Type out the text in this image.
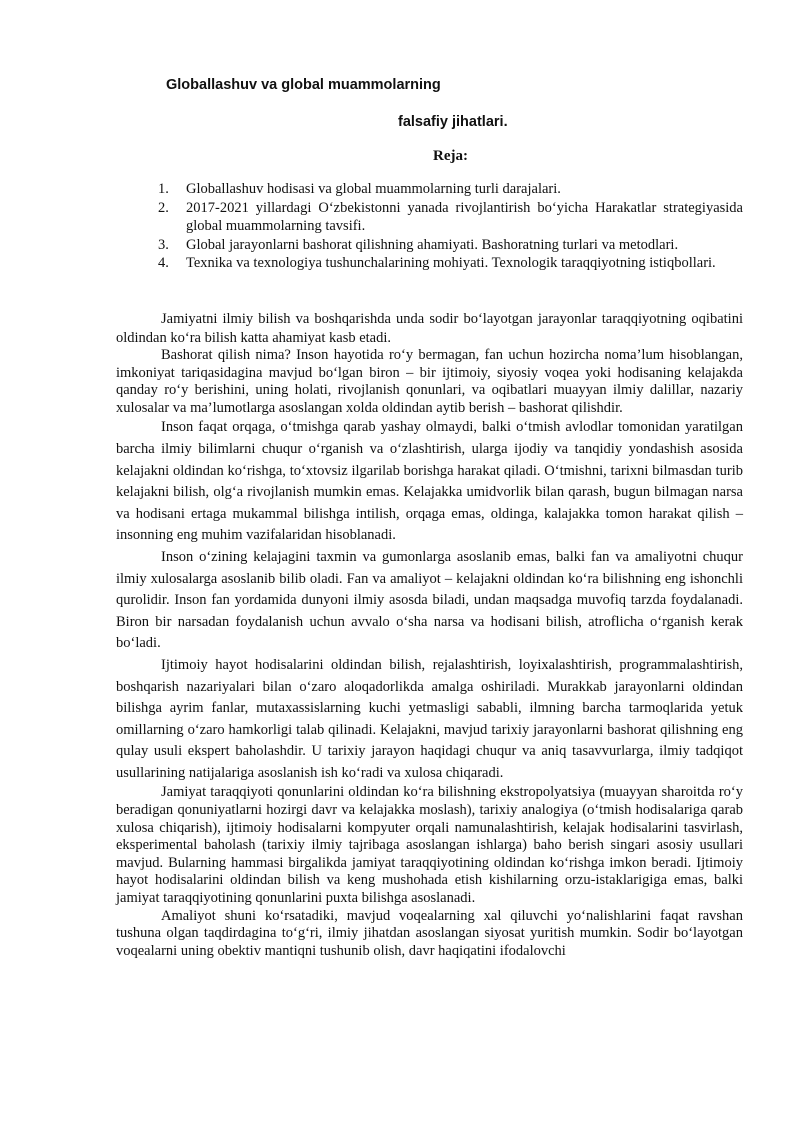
Globallashuv va global muammolarning
falsafiy jihatlari.
Reja:
1. Globallashuv hodisasi va global muammolarning turli darajalari.
2. 2017-2021 yillardagi O‘zbekistonni yanada rivojlantirish bo‘yicha Harakatlar strategiyasida global muammolarning tavsifi.
3. Global jarayonlarni bashorat qilishning ahamiyati. Bashoratning turlari va metodlari.
4. Texnika va texnologiya tushunchalarining mohiyati. Texnologik taraqqiyotning istiqbollari.

Jamiyatni ilmiy bilish va boshqarishda unda sodir bo‘layotgan jarayonlar taraqqiyotning oqibatini oldindan ko‘ra bilish katta ahamiyat kasb etadi.

Bashorat qilish nima? Inson hayotida ro‘y bermagan, fan uchun hozircha noma’lum hisoblangan, imkoniyat tariqasidagina mavjud bo‘lgan biron – bir ijtimoiy, siyosiy voqea yoki hodisaning kelajakda qanday ro‘y berishini, uning holati, rivojlanish qonunlari, va oqibatlari muayyan ilmiy dalillar, nazariy xulosalar va ma’lumotlarga asoslangan xolda oldindan aytib berish – bashorat qilishdir.

Inson faqat orqaga, o‘tmishga qarab yashay olmaydi, balki o‘tmish avlodlar tomonidan yaratilgan barcha ilmiy bilimlarni chuqur o‘rganish va o‘zlashtirish, ularga ijodiy va tanqidiy yondashish asosida kelajakni oldindan ko‘rishga, to‘xtovsiz ilgarilab borishga harakat qiladi. O‘tmishni, tarixni bilmasdan turib kelajakni bilish, olg‘a rivojlanish mumkin emas. Kelajakka umidvorlik bilan qarash, bugun bilmagan narsa va hodisani ertaga mukammal bilishga intilish, orqaga emas, oldinga, kalajakka tomon harakat qilish – insonning eng muhim vazifalaridan hisoblanadi.

Inson o‘zining kelajagini taxmin va gumonlarga asoslanib emas, balki fan va amaliyotni chuqur ilmiy xulosalarga asoslanib bilib oladi. Fan va amaliyot – kelajakni oldindan ko‘ra bilishning eng ishonchli qurolidir. Inson fan yordamida dunyoni ilmiy asosda biladi, undan maqsadga muvofiq tarzda foydalanadi. Biron bir narsadan foydalanish uchun avvalo o‘sha narsa va hodisani bilish, atroflicha o‘rganish kerak bo‘ladi.

Ijtimoiy hayot hodisalarini oldindan bilish, rejalashtirish, loyixalashtirish, programmalashtirish, boshqarish nazariyalari bilan o‘zaro aloqadorlikda amalga oshiriladi. Murakkab jarayonlarni oldindan bilishga ayrim fanlar, mutaxassislarning kuchi yetmasligi sababli, ilmning barcha tarmoqlarida yetuk omillarning o‘zaro hamkorligi talab qilinadi. Kelajakni, mavjud tarixiy jarayonlarni bashorat qilishning eng qulay usuli ekspert baholashdir. U tarixiy jarayon haqidagi chuqur va aniq tasavvurlarga, ilmiy tadqiqot usullarining natijalariga asoslanish ish ko‘radi va xulosa chiqaradi.

Jamiyat taraqqiyoti qonunlarini oldindan ko‘ra bilishning ekstropolyatsiya (muayyan sharoitda ro‘y beradigan qonuniyatlarni hozirgi davr va kelajakka moslash), tarixiy analogiya (o‘tmish hodisalariga qarab xulosa chiqarish), ijtimoiy hodisalarni kompyuter orqali namunalashtirish, kelajak hodisalarini tasvirlash, eksperimental baholash (tarixiy ilmiy tajribaga asoslangan ishlarga) baho berish singari asosiy usullari mavjud. Bularning hammasi birgalikda jamiyat taraqqiyotining oldindan ko‘rishga imkon beradi. Ijtimoiy hayot hodisalarini oldindan bilish va keng mushohada etish kishilarning orzu-istaklarigiga emas, balki jamiyat taraqqiyotining qonunlarini puxta bilishga asoslanadi.

Amaliyot shuni ko‘rsatadiki, mavjud voqealarning xal qiluvchi yo‘nalishlarini faqat ravshan tushuna olgan taqdirdagina to‘g‘ri, ilmiy jihatdan asoslangan siyosat yuritish mumkin. Sodir bo‘layotgan voqealarni uning obektiv mantiqni tushunib olish, davr haqiqatini ifodalovchi
